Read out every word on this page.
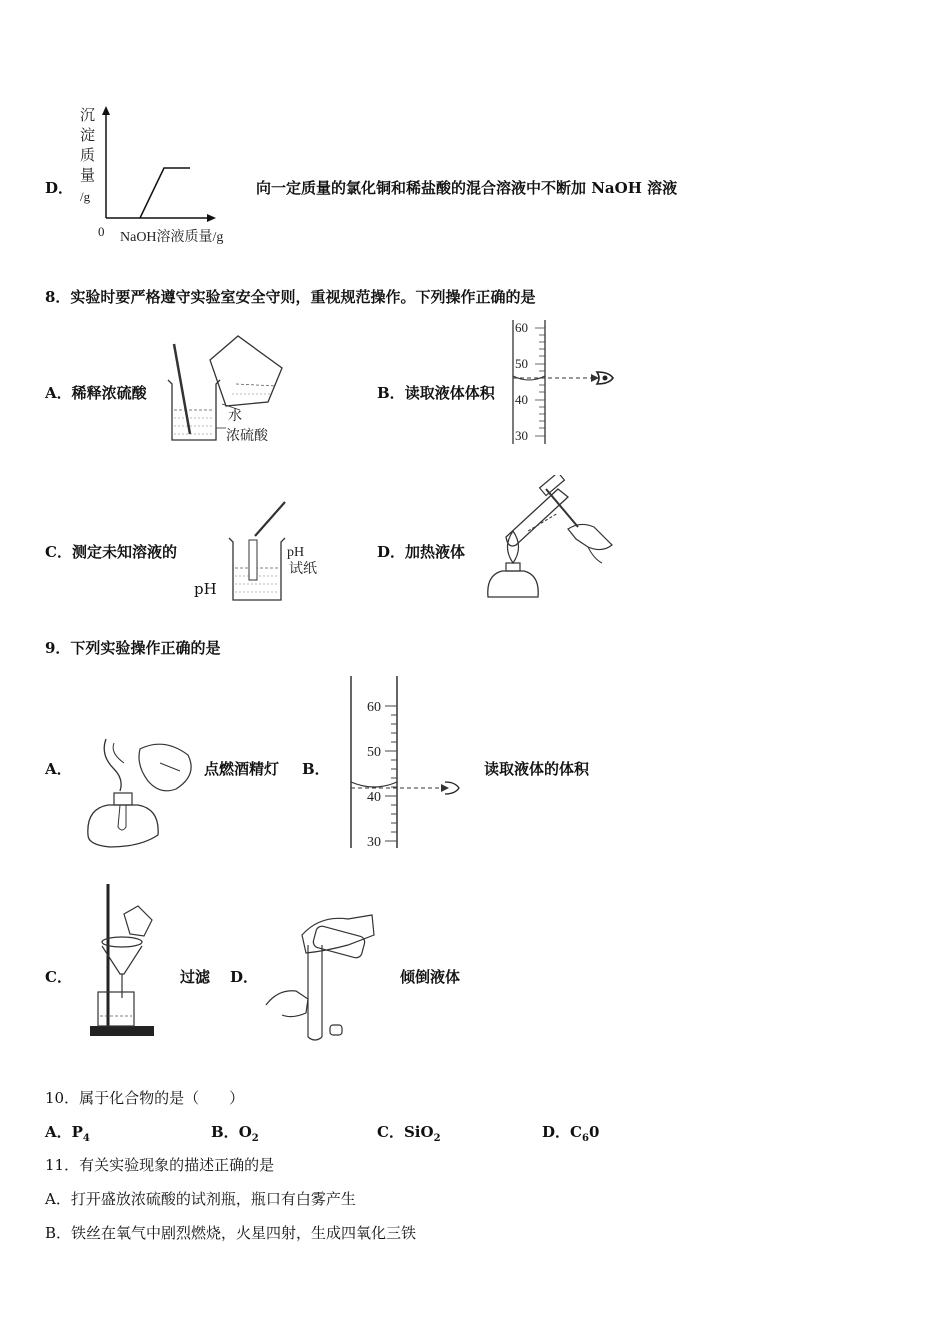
D．
沉
淀
质
量
/g
0 NaOH溶液质量/g
向一定质量的氯化铜和稀盐酸的混合溶液中不断加 NaOH 溶液
8．实验时要严格遵守实验室安全守则，重视规范操作。下列操作正确的是
A．稀释浓硫酸
水
浓硫酸
B．读取液体体积
60
50
40
30
C．测定未知溶液的
pH
pH
试纸
D．加热液体
9．下列实验操作正确的是
A．	点燃酒精灯 B．
60
50
40
30
读取液体的体积
C．	过滤 D．	倾倒液体
10．属于化合物的是（　　）
A．$P_4$	B．$O_2$	C．SiO$_2$	D．$C_60$
11．有关实验现象的描述正确的是
A．打开盛放浓硫酸的试剂瓶，瓶口有白雾产生
B．铁丝在氧气中剧烈燃烧，火星四射，生成四氧化三铁
